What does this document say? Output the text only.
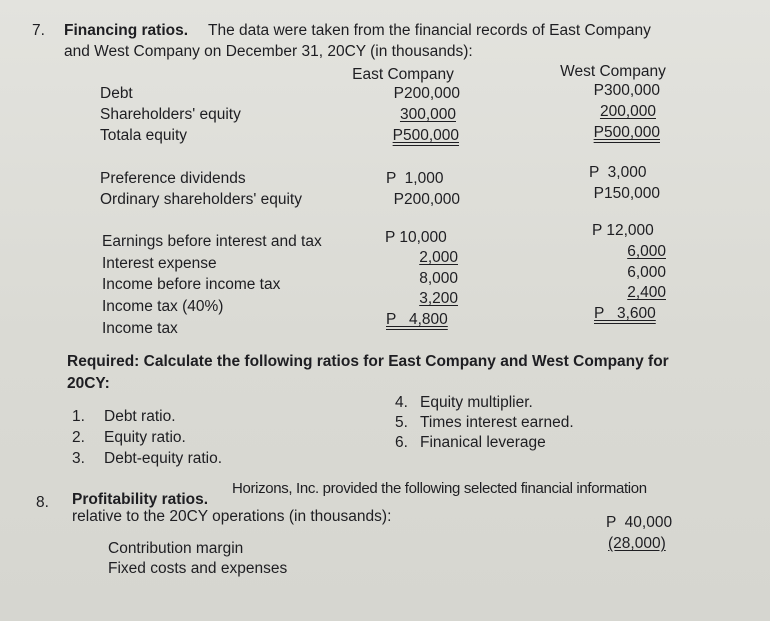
7. Financing ratios. The data were taken from the financial records of East Company
and West Company on December 31, 20CY (in thousands):
East Company	West Company
Debt
Shareholders' equity
Totala equity
P200,000
300,000
P500,000
P300,000
200,000
P500,000
Preference dividends
Ordinary shareholders' equity
P  1,000
P200,000
P  3,000
P150,000
Earnings before interest and tax
Interest expense
Income before income tax
Income tax (40%)
Income tax
P 10,000
2,000
8,000
3,200
P   4,800
P 12,000
6,000
6,000
2,400
P   3,600
Required: Calculate the following ratios for East Company and West Company for
20CY:
1. Debt ratio.
2. Equity ratio.
3. Debt-equity ratio.
4. Equity multiplier.
5. Times interest earned.
6. Finanical leverage
8. Profitability ratios.
Horizons, Inc. provided the following selected financial information
relative to the 20CY operations (in thousands):
Contribution margin
Fixed costs and expenses
P  40,000
(28,000)
